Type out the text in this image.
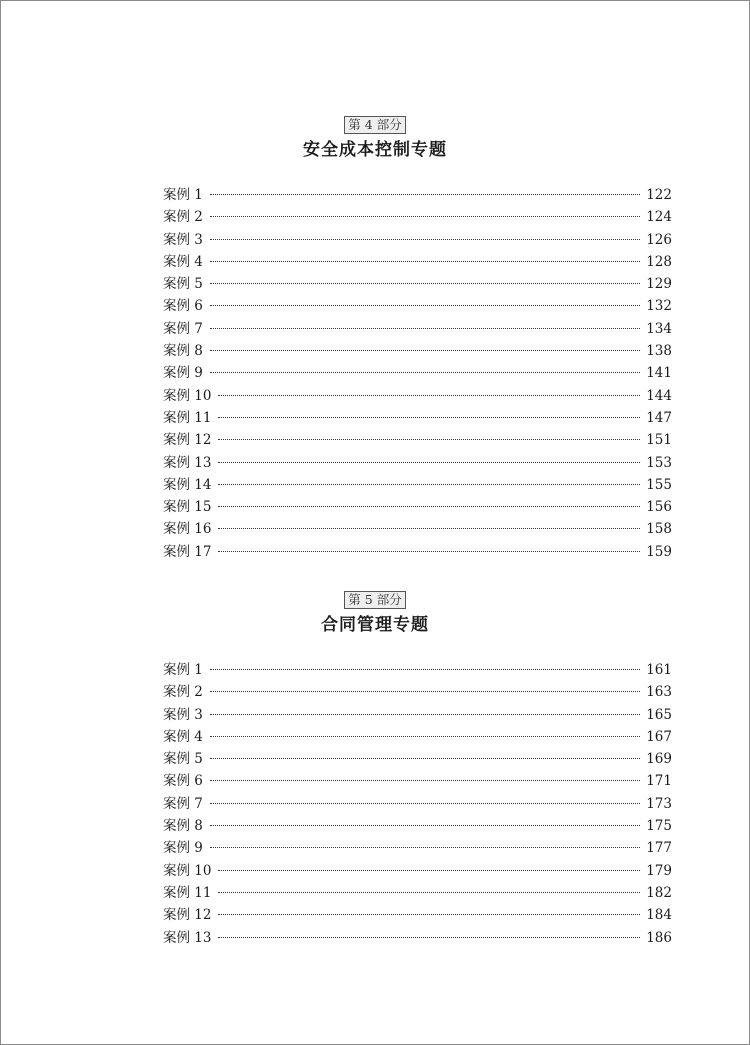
第 4 部分
安全成本控制专题
案例 1	122
案例 2	124
案例 3	126
案例 4	128
案例 5	129
案例 6	132
案例 7	134
案例 8	138
案例 9	141
案例 10	144
案例 11	147
案例 12	151
案例 13	153
案例 14	155
案例 15	156
案例 16	158
案例 17	159
第 5 部分
合同管理专题
案例 1	161
案例 2	163
案例 3	165
案例 4	167
案例 5	169
案例 6	171
案例 7	173
案例 8	175
案例 9	177
案例 10	179
案例 11	182
案例 12	184
案例 13	186
